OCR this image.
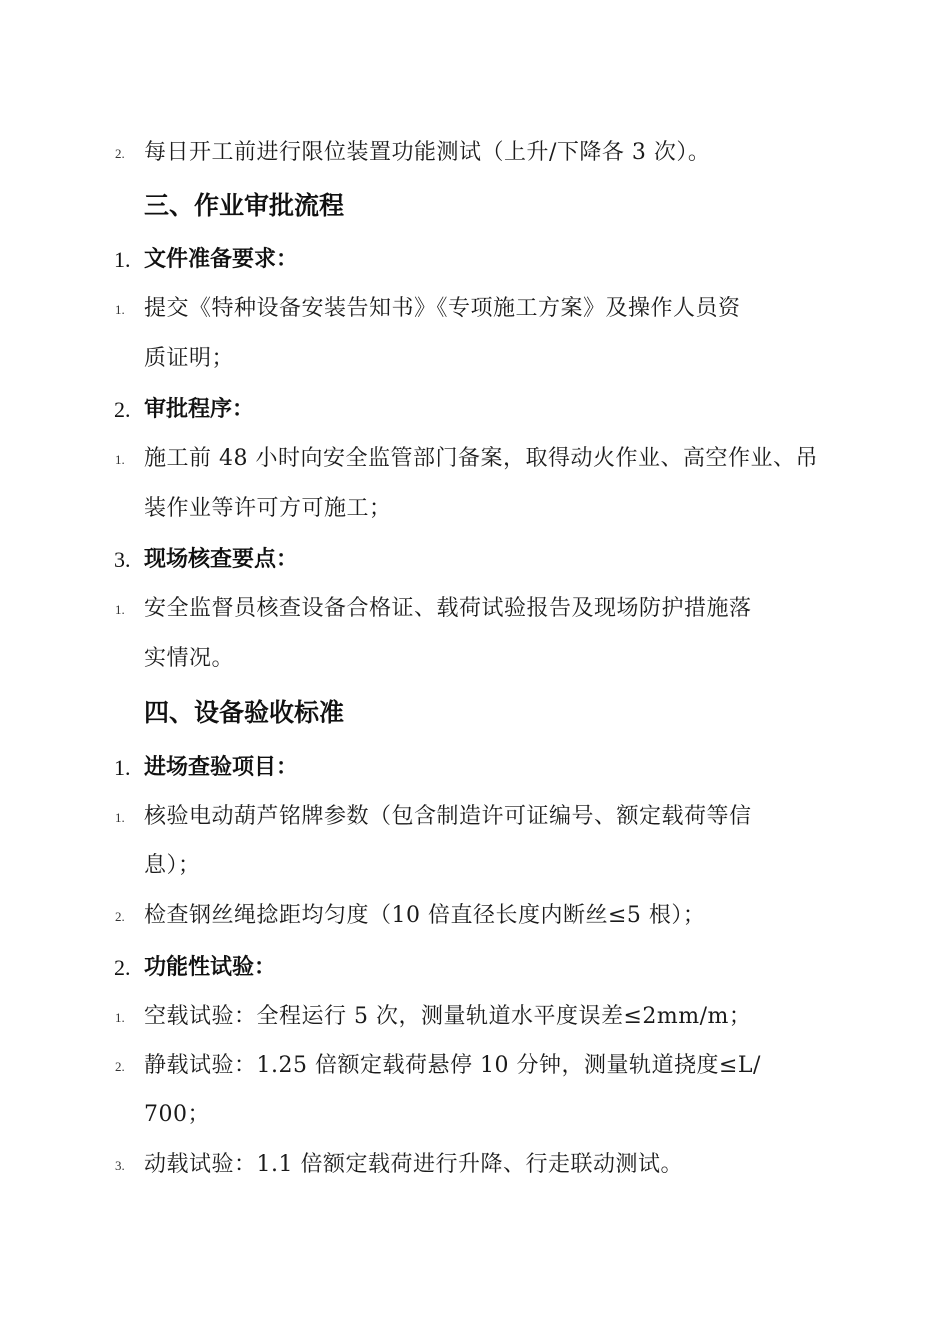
2. 每日开工前进行限位装置功能测试（上升/下降各 3 次）。
三、作业审批流程
1. 文件准备要求：
1. 提交《特种设备安装告知书》《专项施工方案》及操作人员资
质证明；
2. 审批程序：
1. 施工前 48 小时向安全监管部门备案，取得动火作业、高空作业、吊
装作业等许可方可施工；
3. 现场核查要点：
1. 安全监督员核查设备合格证、载荷试验报告及现场防护措施落
实情况。
四、设备验收标准
1. 进场查验项目：
1. 核验电动葫芦铭牌参数（包含制造许可证编号、额定载荷等信
息）；
2. 检查钢丝绳捻距均匀度（10 倍直径长度内断丝≤5 根）；
2. 功能性试验：
1. 空载试验：全程运行 5 次，测量轨道水平度误差≤2mm/m；
2. 静载试验：1.25 倍额定载荷悬停 10 分钟，测量轨道挠度≤L/
700；
3. 动载试验：1.1 倍额定载荷进行升降、行走联动测试。
